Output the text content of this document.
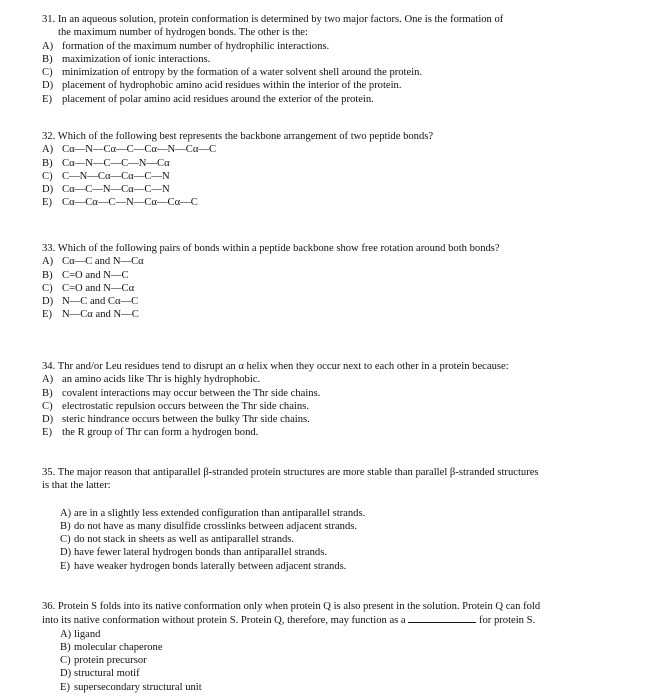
31. In an aqueous solution, protein conformation is determined by two major factors. One is the formation of
the maximum number of hydrogen bonds. The other is the:

A) formation of the maximum number of hydrophilic interactions.
B) maximization of ionic interactions.
C) minimization of entropy by the formation of a water solvent shell around the protein.
D) placement of hydrophobic amino acid residues within the interior of the protein.
E) placement of polar amino acid residues around the exterior of the protein.

32. Which of the following best represents the backbone arrangement of two peptide bonds?

A) Cα—N—Cα—C—Cα—N—Cα—C
B) Cα—N—C—C—N—Cα
C) C—N—Cα—Cα—C—N
D) Cα—C—N—Cα—C—N
E) Cα—Cα—C—N—Cα—Cα—C

33. Which of the following pairs of bonds within a peptide backbone show free rotation around both bonds?

A) Cα—C and N—Cα
B) C=O and N—C
C) C=O and N—Cα
D) N—C and Cα—C
E) N—Cα and N—C

34. Thr and/or Leu residues tend to disrupt an α helix when they occur next to each other in a protein because:

A) an amino acids like Thr is highly hydrophobic.
B) covalent interactions may occur between the Thr side chains.
C) electrostatic repulsion occurs between the Thr side chains.
D) steric hindrance occurs between the bulky Thr side chains.
E) the R group of Thr can form a hydrogen bond.

35. The major reason that antiparallel β-stranded protein structures are more stable than parallel β-stranded structures
is that the latter:

A) are in a slightly less extended configuration than antiparallel strands.
B) do not have as many disulfide crosslinks between adjacent strands.
C) do not stack in sheets as well as antiparallel strands.
D) have fewer lateral hydrogen bonds than antiparallel strands.
E) have weaker hydrogen bonds laterally between adjacent strands.

36. Protein S folds into its native conformation only when protein Q is also present in the solution. Protein Q can fold
into its native conformation without protein S. Protein Q, therefore, may function as a	for protein S.

A) ligand
B) molecular chaperone
C) protein precursor
D) structural motif
E) supersecondary structural unit
